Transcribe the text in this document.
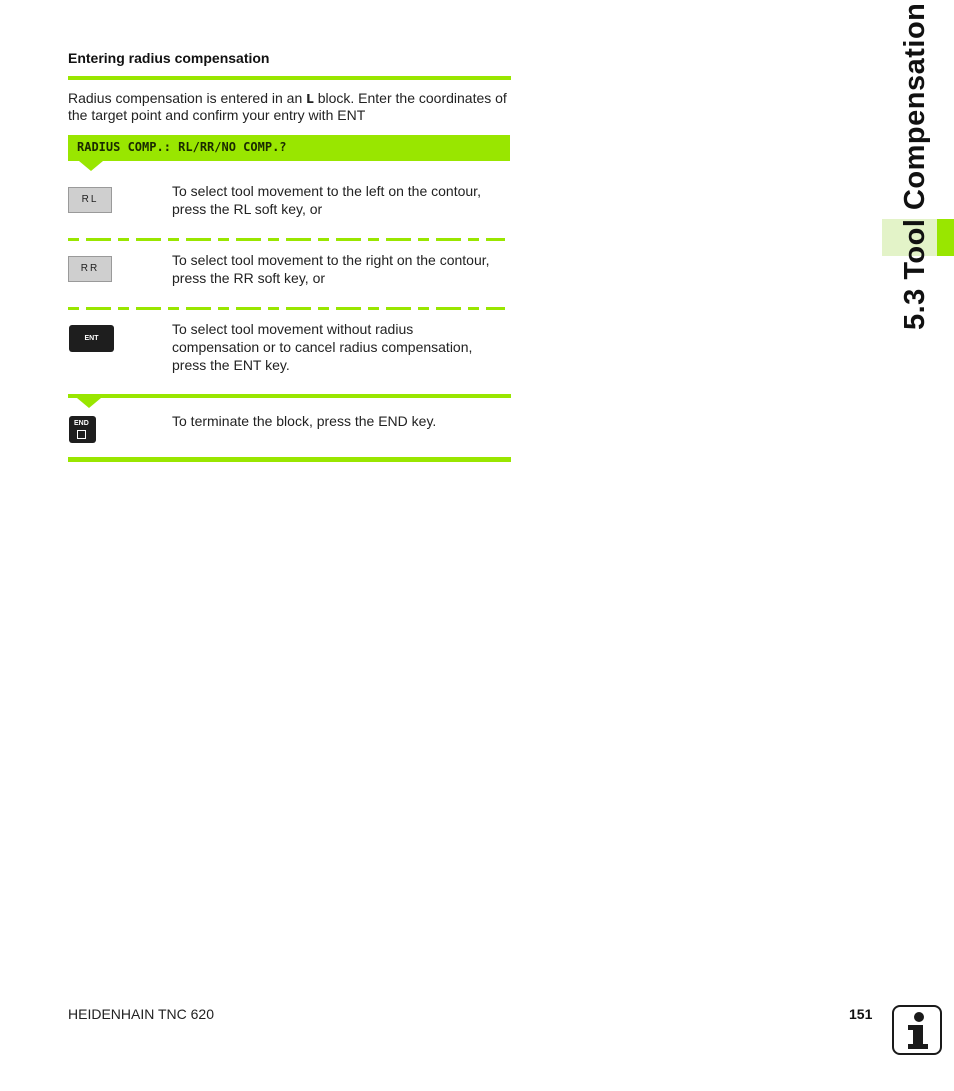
Entering radius compensation
Radius compensation is entered in an L block. Enter the coordinates of the target point and confirm your entry with ENT
RADIUS COMP.: RL/RR/NO COMP.?
RL
To select tool movement to the left on the contour, press the RL soft key, or
RR
To select tool movement to the right on the contour, press the RR soft key, or
ENT
To select tool movement without radius compensation or to cancel radius compensation, press the ENT key.
END	To terminate the block, press the END key.
5.3 Tool Compensation
HEIDENHAIN TNC 620	151
